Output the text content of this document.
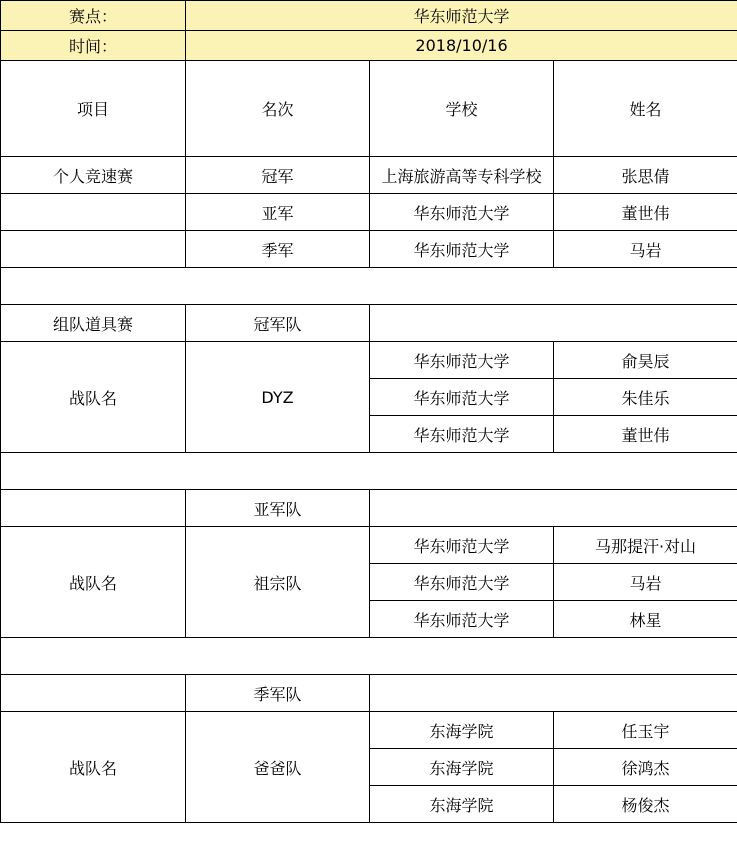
赛点：	华东师范大学		
时间：	2018/10/16		
项目	名次	学校	姓名
个人竞速赛	冠军	上海旅游高等专科学校	张思倩
	亚军	华东师范大学	董世伟
	季军	华东师范大学	马岩

组队道具赛	冠军队		
战队名	DYZ	华东师范大学	俞昊辰
		华东师范大学	朱佳乐
		华东师范大学	董世伟

	亚军队		
战队名	祖宗队	华东师范大学	马那提汗·对山
		华东师范大学	马岩
		华东师范大学	林星

	季军队		
战队名	爸爸队	东海学院	任玉宇
		东海学院	徐鸿杰
		东海学院	杨俊杰
